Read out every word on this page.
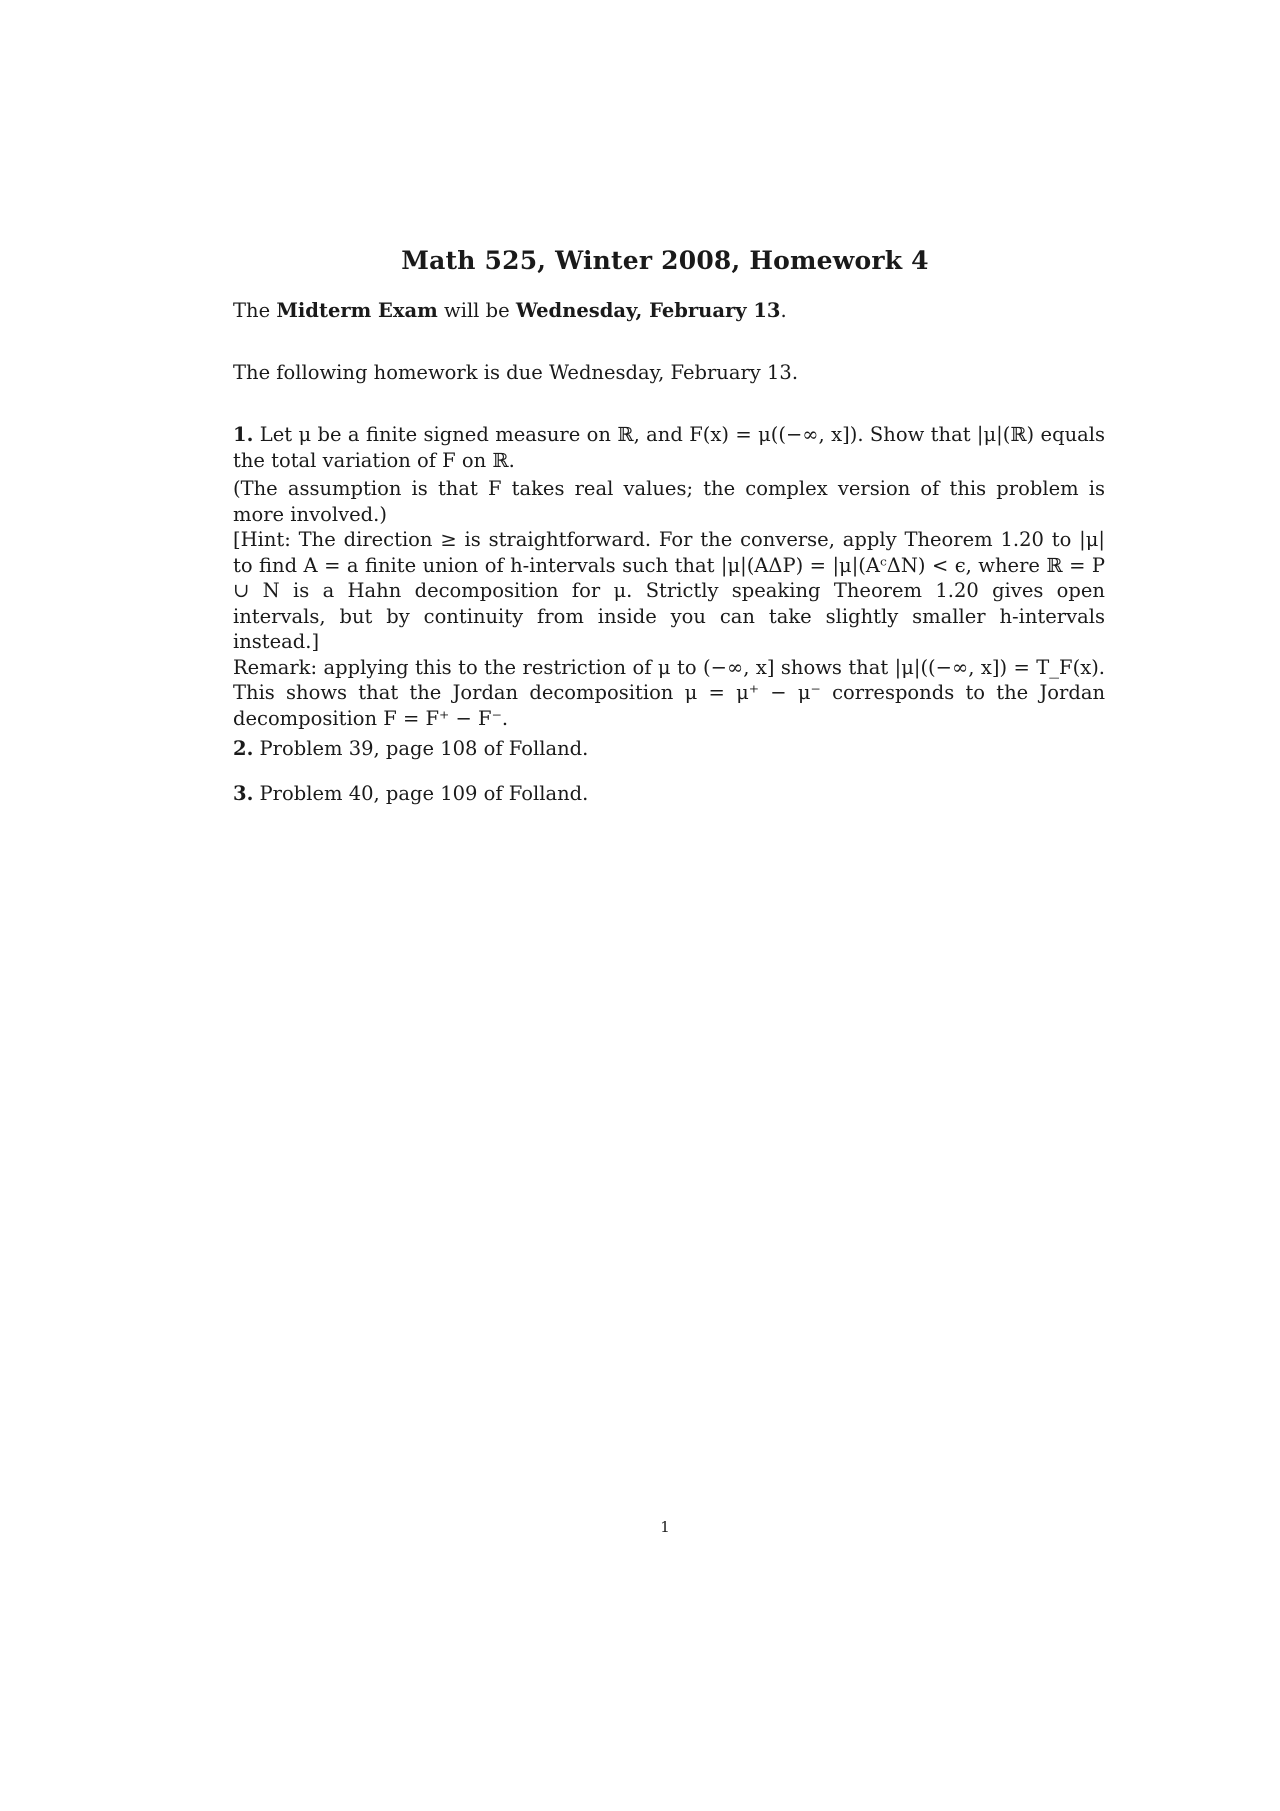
Math 525, Winter 2008, Homework 4

The Midterm Exam will be Wednesday, February 13.

The following homework is due Wednesday, February 13.

1. Let μ be a finite signed measure on ℝ, and F(x) = μ((−∞, x]). Show that |μ|(ℝ) equals the total variation of F on ℝ.

(The assumption is that F takes real values; the complex version of this problem is more involved.)

[Hint: The direction ≥ is straightforward. For the converse, apply Theorem 1.20 to |μ| to find A = a finite union of h-intervals such that |μ|(AΔP) = |μ|(AᶜΔN) < ϵ, where ℝ = P ∪ N is a Hahn decomposition for μ. Strictly speaking Theorem 1.20 gives open intervals, but by continuity from inside you can take slightly smaller h-intervals instead.]

Remark: applying this to the restriction of μ to (−∞, x] shows that |μ|((−∞, x]) = T_F(x). This shows that the Jordan decomposition μ = μ⁺ − μ⁻ corresponds to the Jordan decomposition F = F⁺ − F⁻.

2. Problem 39, page 108 of Folland.

3. Problem 40, page 109 of Folland.

1
